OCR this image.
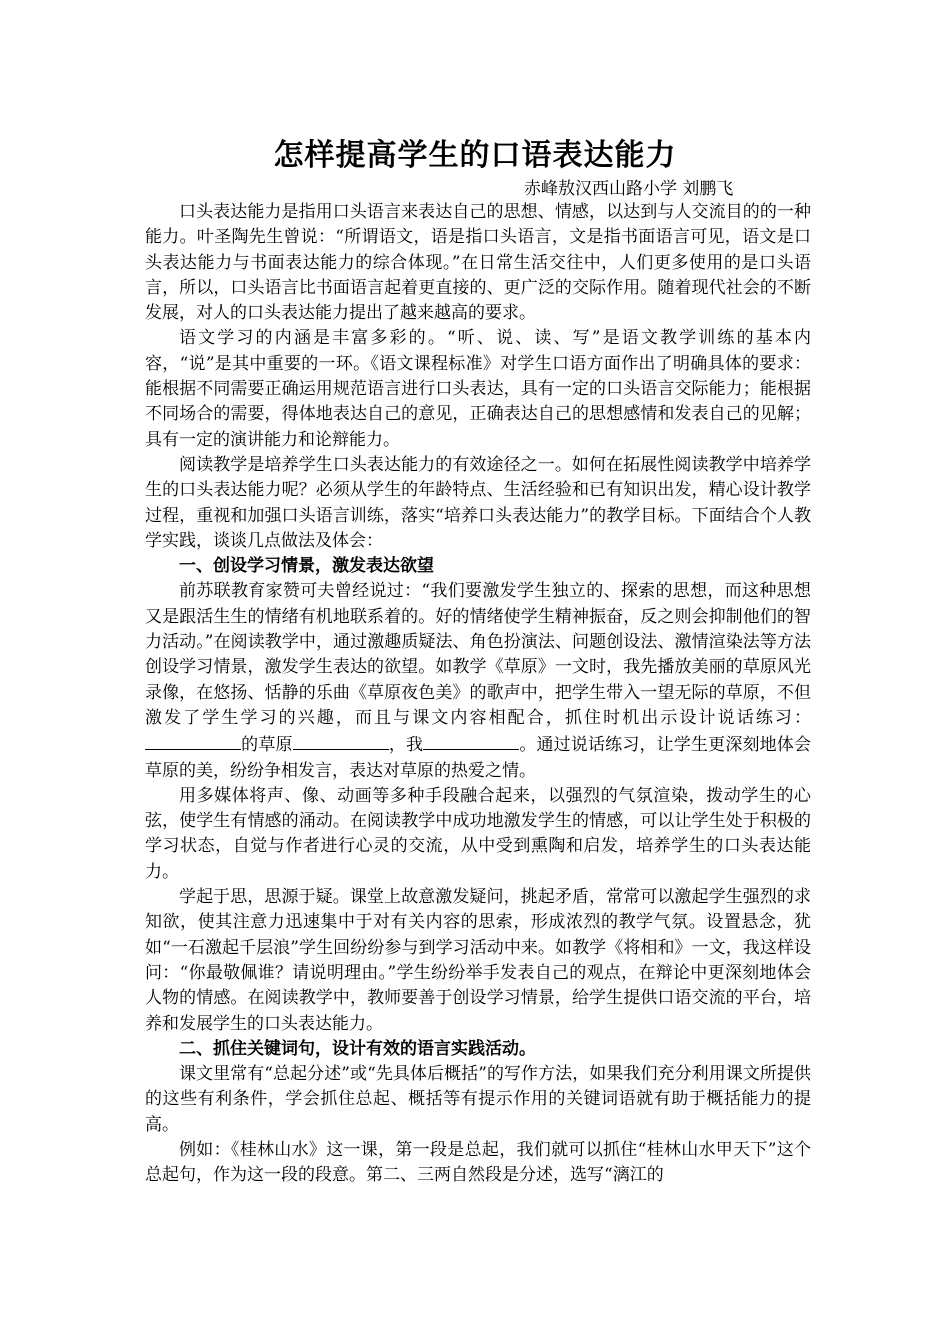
怎样提高学生的口语表达能力
赤峰敖汉西山路小学 刘鹏飞

口头表达能力是指用口头语言来表达自己的思想、情感，以达到与人交流目的的一种能力。叶圣陶先生曾说：“所谓语文，语是指口头语言，文是指书面语言可见，语文是口头表达能力与书面表达能力的综合体现。”在日常生活交往中，人们更多使用的是口头语言，所以，口头语言比书面语言起着更直接的、更广泛的交际作用。随着现代社会的不断发展，对人的口头表达能力提出了越来越高的要求。

语文学习的内涵是丰富多彩的。“听、说、读、写”是语文教学训练的基本内容，“说”是其中重要的一环。《语文课程标准》对学生口语方面作出了明确具体的要求：能根据不同需要正确运用规范语言进行口头表达，具有一定的口头语言交际能力；能根据不同场合的需要，得体地表达自己的意见，正确表达自己的思想感情和发表自己的见解；具有一定的演讲能力和论辩能力。

阅读教学是培养学生口头表达能力的有效途径之一。如何在拓展性阅读教学中培养学生的口头表达能力呢？必须从学生的年龄特点、生活经验和已有知识出发，精心设计教学过程，重视和加强口头语言训练，落实“培养口头表达能力”的教学目标。下面结合个人教学实践，谈谈几点做法及体会：

一、创设学习情景，激发表达欲望

前苏联教育家赞可夫曾经说过：“我们要激发学生独立的、探索的思想，而这种思想又是跟活生生的情绪有机地联系着的。好的情绪使学生精神振奋，反之则会抑制他们的智力活动。”在阅读教学中，通过激趣质疑法、角色扮演法、问题创设法、激情渲染法等方法创设学习情景，激发学生表达的欲望。如教学《草原》一文时，我先播放美丽的草原风光录像，在悠扬、恬静的乐曲《草原夜色美》的歌声中，把学生带入一望无际的草原，不但激发了学生学习的兴趣，而且与课文内容相配合，抓住时机出示设计说话练习：的草原	，我	。通过说话练习，让学生更深刻地体会草原的美，纷纷争相发言，表达对草原的热爱之情。

用多媒体将声、像、动画等多种手段融合起来，以强烈的气氛渲染，拨动学生的心弦，使学生有情感的涌动。在阅读教学中成功地激发学生的情感，可以让学生处于积极的学习状态，自觉与作者进行心灵的交流，从中受到熏陶和启发，培养学生的口头表达能力。

学起于思，思源于疑。课堂上故意激发疑问，挑起矛盾，常常可以激起学生强烈的求知欲，使其注意力迅速集中于对有关内容的思索，形成浓烈的教学气氛。设置悬念，犹如“一石激起千层浪”学生回纷纷参与到学习活动中来。如教学《将相和》一文，我这样设问：“你最敬佩谁？请说明理由。”学生纷纷举手发表自己的观点，在辩论中更深刻地体会人物的情感。在阅读教学中，教师要善于创设学习情景，给学生提供口语交流的平台，培养和发展学生的口头表达能力。

二、抓住关键词句，设计有效的语言实践活动。

课文里常有“总起分述”或“先具体后概括”的写作方法，如果我们充分利用课文所提供的这些有利条件，学会抓住总起、概括等有提示作用的关键词语就有助于概括能力的提高。

例如：《桂林山水》这一课，第一段是总起，我们就可以抓住“桂林山水甲天下”这个总起句，作为这一段的段意。第二、三两自然段是分述，选写“漓江的
